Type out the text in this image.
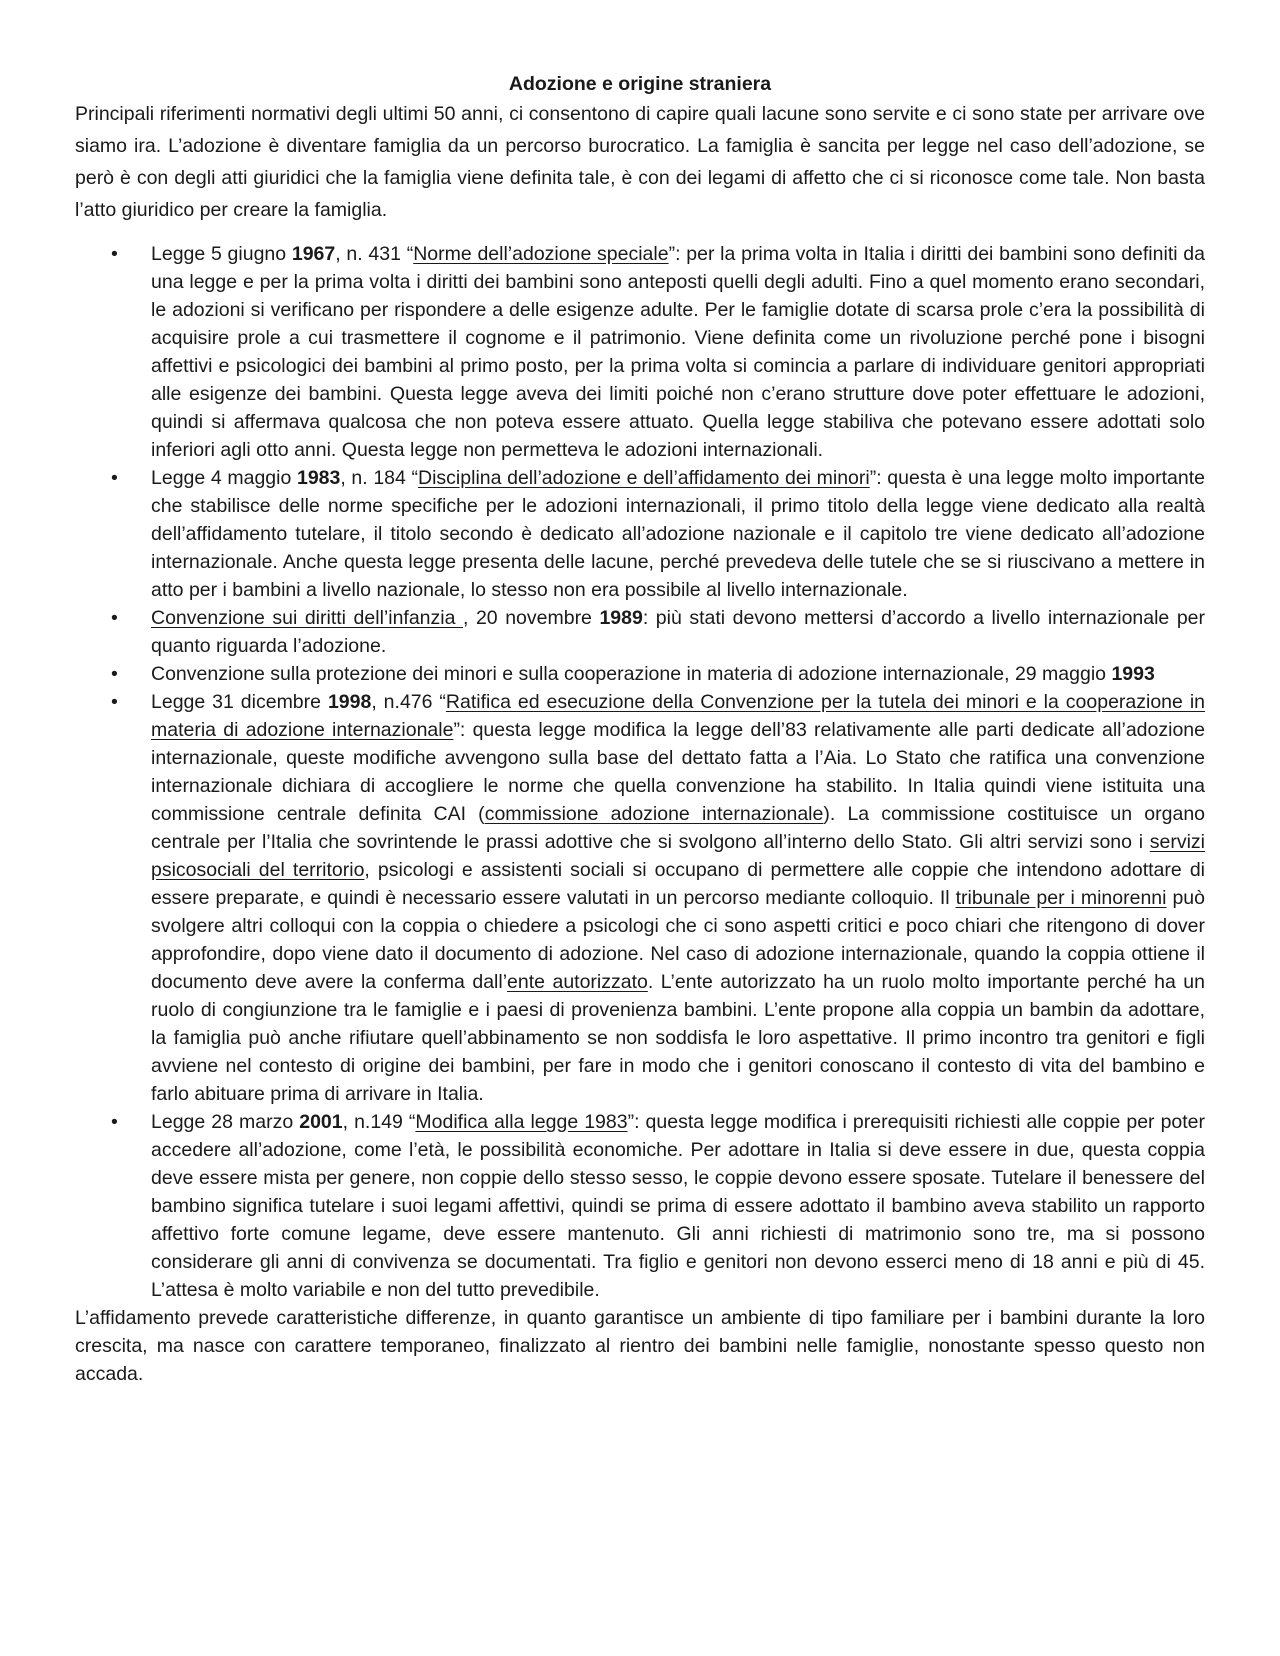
Adozione e origine straniera

Principali riferimenti normativi degli ultimi 50 anni, ci consentono di capire quali lacune sono servite e ci sono state per arrivare ove siamo ira. L’adozione è diventare famiglia da un percorso burocratico. La famiglia è sancita per legge nel caso dell’adozione, se però è con degli atti giuridici che la famiglia viene definita tale, è con dei legami di affetto che ci si riconosce come tale. Non basta l’atto giuridico per creare la famiglia.

• Legge 5 giugno 1967, n. 431 “Norme dell’adozione speciale”: per la prima volta in Italia i diritti dei bambini sono definiti da una legge e per la prima volta i diritti dei bambini sono anteposti quelli degli adulti. Fino a quel momento erano secondari, le adozioni si verificano per rispondere a delle esigenze adulte. Per le famiglie dotate di scarsa prole c’era la possibilità di acquisire prole a cui trasmettere il cognome e il patrimonio. Viene definita come un rivoluzione perché pone i bisogni affettivi e psicologici dei bambini al primo posto, per la prima volta si comincia a parlare di individuare genitori appropriati alle esigenze dei bambini. Questa legge aveva dei limiti poiché non c’erano strutture dove poter effettuare le adozioni, quindi si affermava qualcosa che non poteva essere attuato. Quella legge stabiliva che potevano essere adottati solo inferiori agli otto anni. Questa legge non permetteva le adozioni internazionali.
• Legge 4 maggio 1983, n. 184 “Disciplina dell’adozione e dell’affidamento dei minori”: questa è una legge molto importante che stabilisce delle norme specifiche per le adozioni internazionali, il primo titolo della legge viene dedicato alla realtà dell’affidamento tutelare, il titolo secondo è dedicato all’adozione nazionale e il capitolo tre viene dedicato all’adozione internazionale. Anche questa legge presenta delle lacune, perché prevedeva delle tutele che se si riuscivano a mettere in atto per i bambini a livello nazionale, lo stesso non era possibile al livello internazionale.
• Convenzione sui diritti dell’infanzia , 20 novembre 1989: più stati devono mettersi d’accordo a livello internazionale per quanto riguarda l’adozione.
• Convenzione sulla protezione dei minori e sulla cooperazione in materia di adozione internazionale, 29 maggio 1993
• Legge 31 dicembre 1998, n.476 “Ratifica ed esecuzione della Convenzione per la tutela dei minori e la cooperazione in materia di adozione internazionale”: questa legge modifica la legge dell’83 relativamente alle parti dedicate all’adozione internazionale, queste modifiche avvengono sulla base del dettato fatta a l’Aia. Lo Stato che ratifica una convenzione internazionale dichiara di accogliere le norme che quella convenzione ha stabilito. In Italia quindi viene istituita una commissione centrale definita CAI (commissione adozione internazionale). La commissione costituisce un organo centrale per l’Italia che sovrintende le prassi adottive che si svolgono all’interno dello Stato. Gli altri servizi sono i servizi psicosociali del territorio, psicologi e assistenti sociali si occupano di permettere alle coppie che intendono adottare di essere preparate, e quindi è necessario essere valutati in un percorso mediante colloquio. Il tribunale per i minorenni può svolgere altri colloqui con la coppia o chiedere a psicologi che ci sono aspetti critici e poco chiari che ritengono di dover approfondire, dopo viene dato il documento di adozione. Nel caso di adozione internazionale, quando la coppia ottiene il documento deve avere la conferma dall’ente autorizzato. L’ente autorizzato ha un ruolo molto importante perché ha un ruolo di congiunzione tra le famiglie e i paesi di provenienza bambini. L’ente propone alla coppia un bambin da adottare, la famiglia può anche rifiutare quell’abbinamento se non soddisfa le loro aspettative. Il primo incontro tra genitori e figli avviene nel contesto di origine dei bambini, per fare in modo che i genitori conoscano il contesto di vita del bambino e farlo abituare prima di arrivare in Italia.
• Legge 28 marzo 2001, n.149 “Modifica alla legge 1983”: questa legge modifica i prerequisiti richiesti alle coppie per poter accedere all’adozione, come l’età, le possibilità economiche. Per adottare in Italia si deve essere in due, questa coppia deve essere mista per genere, non coppie dello stesso sesso, le coppie devono essere sposate. Tutelare il benessere del bambino significa tutelare i suoi legami affettivi, quindi se prima di essere adottato il bambino aveva stabilito un rapporto affettivo forte comune legame, deve essere mantenuto. Gli anni richiesti di matrimonio sono tre, ma si possono considerare gli anni di convivenza se documentati. Tra figlio e genitori non devono esserci meno di 18 anni e più di 45. L’attesa è molto variabile e non del tutto prevedibile.

L’affidamento prevede caratteristiche differenze, in quanto garantisce un ambiente di tipo familiare per i bambini durante la loro crescita, ma nasce con carattere temporaneo, finalizzato al rientro dei bambini nelle famiglie, nonostante spesso questo non accada.
